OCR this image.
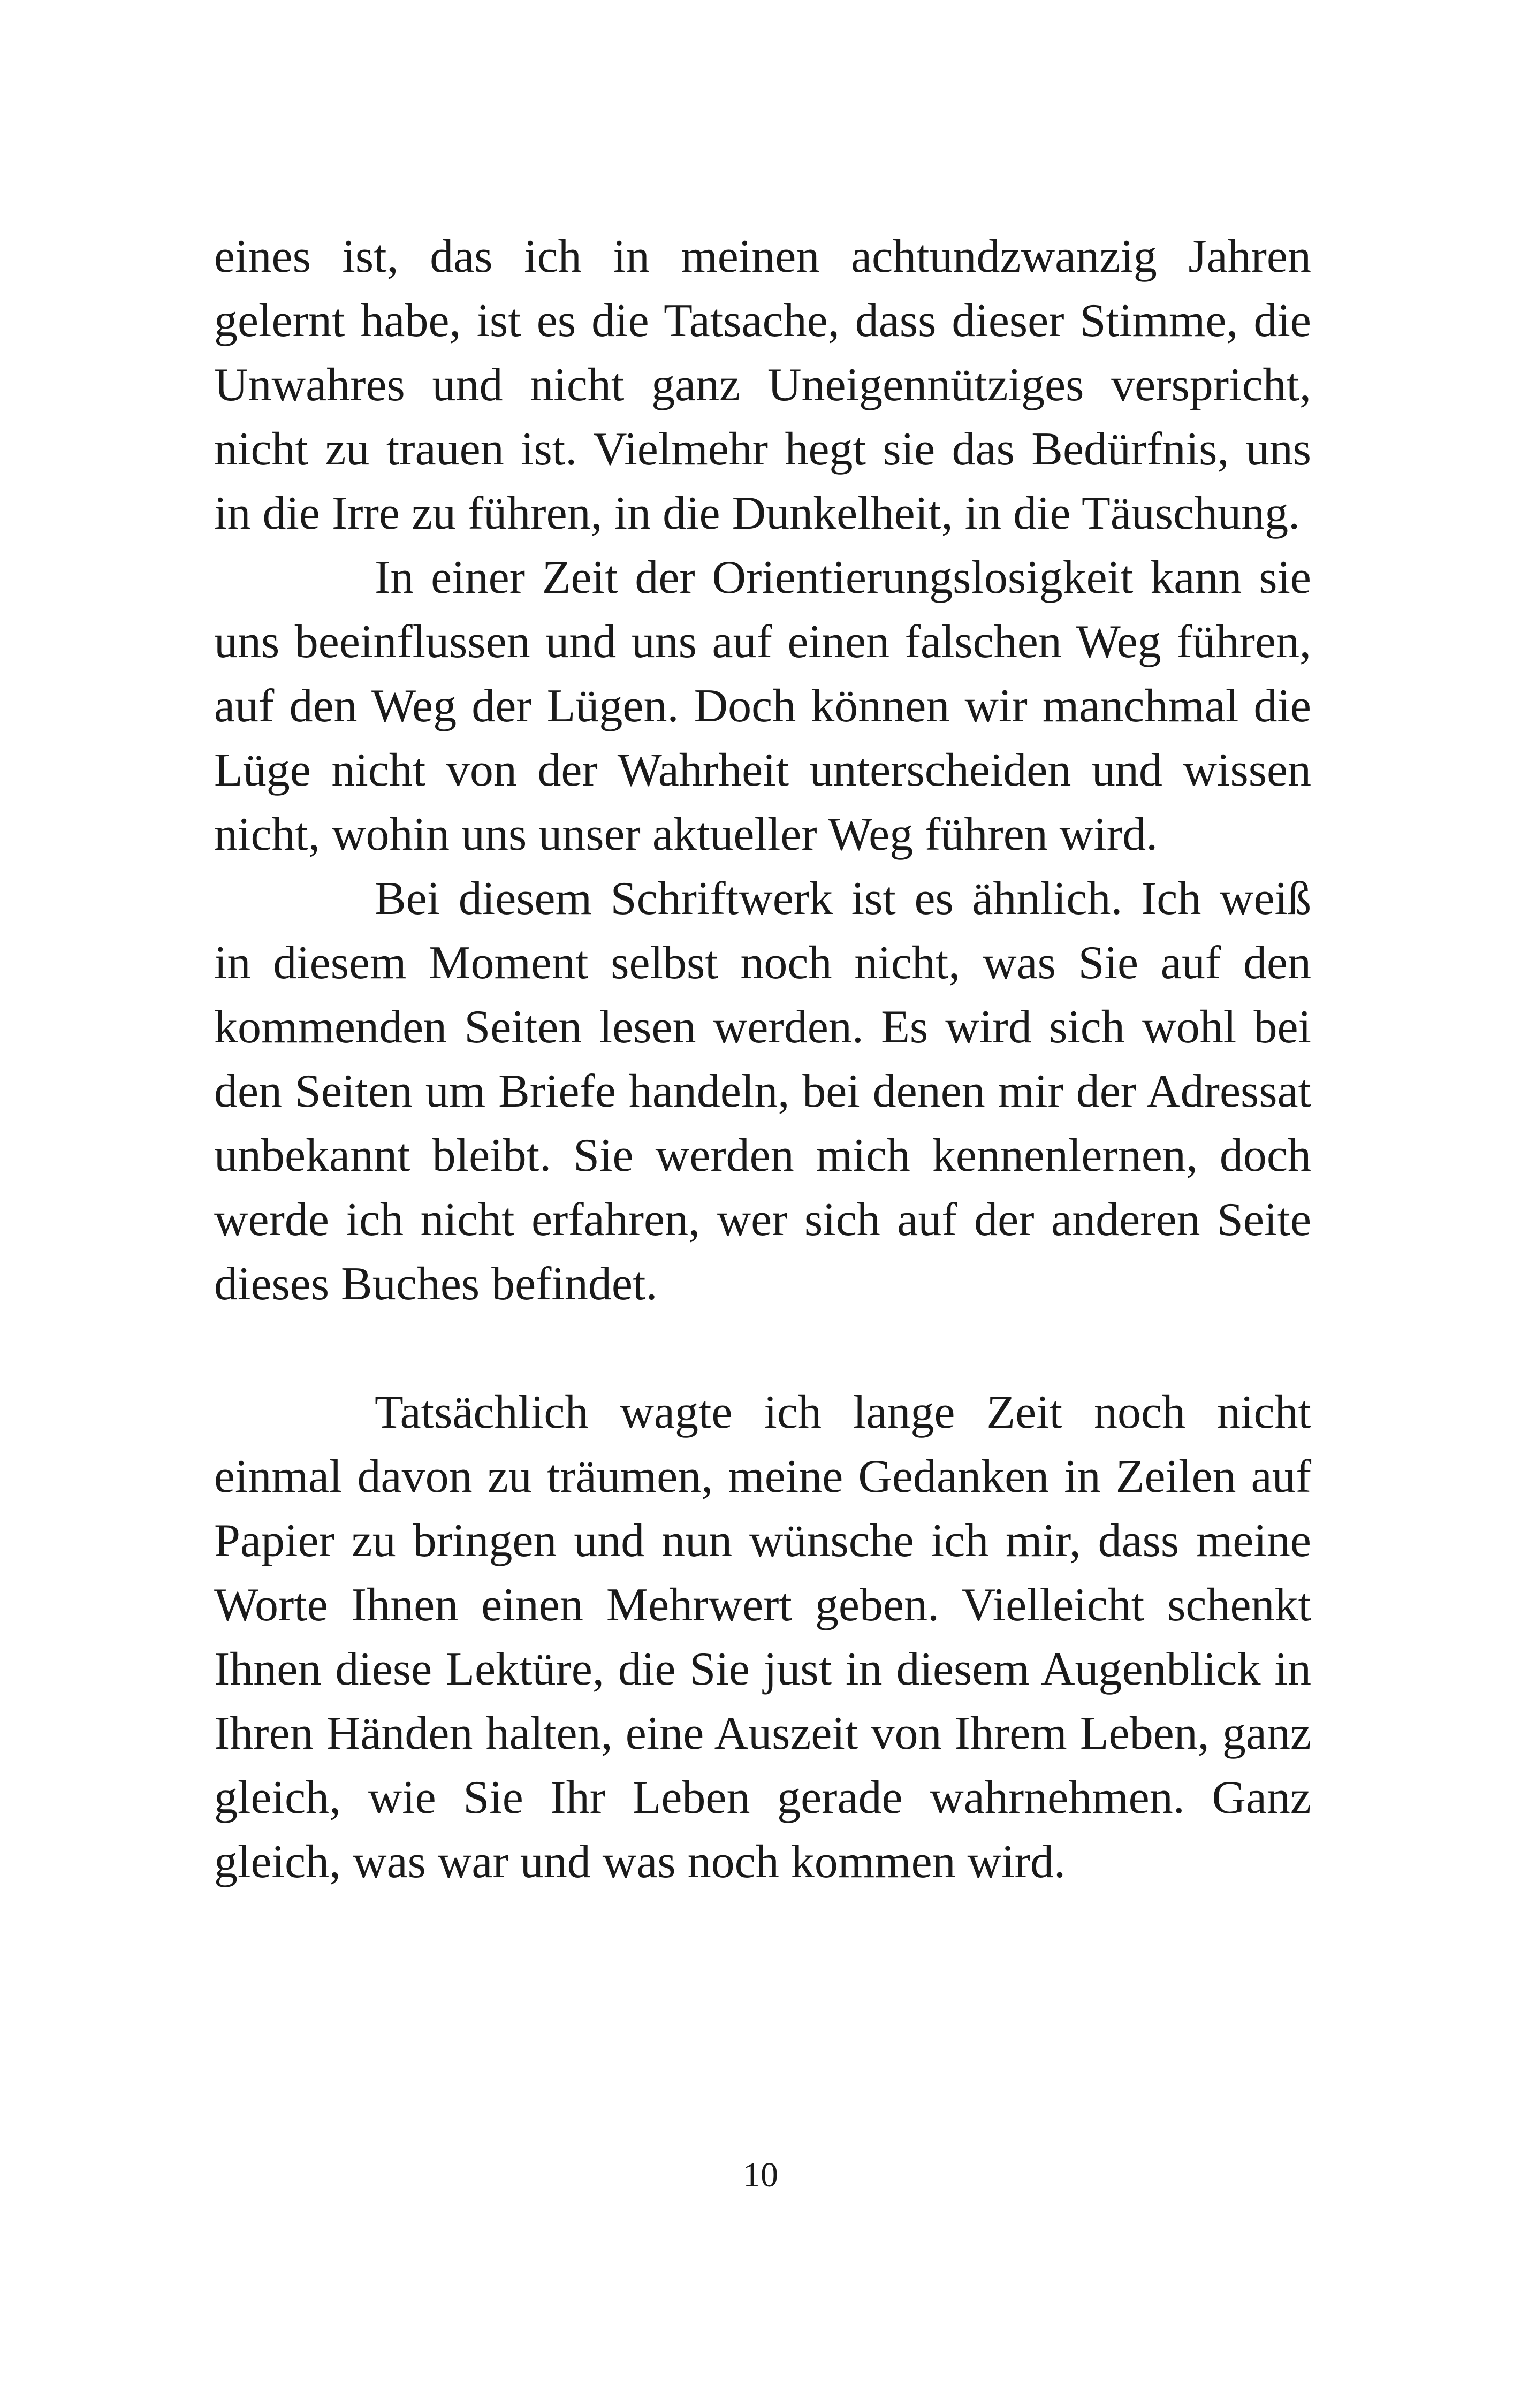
eines ist, das ich in meinen achtundzwanzig Jahren gelernt habe, ist es die Tatsache, dass dieser Stimme, die Unwahres und nicht ganz Uneigennütziges verspricht, nicht zu trauen ist. Vielmehr hegt sie das Bedürfnis, uns in die Irre zu führen, in die Dunkelheit, in die Täuschung.

In einer Zeit der Orientierungslosigkeit kann sie uns beeinflussen und uns auf einen falschen Weg führen, auf den Weg der Lügen. Doch können wir manchmal die Lüge nicht von der Wahrheit unterscheiden und wissen nicht, wohin uns unser aktueller Weg führen wird.

Bei diesem Schriftwerk ist es ähnlich. Ich weiß in diesem Moment selbst noch nicht, was Sie auf den kommenden Seiten lesen werden. Es wird sich wohl bei den Seiten um Briefe handeln, bei denen mir der Adressat unbekannt bleibt. Sie werden mich kennenlernen, doch werde ich nicht erfahren, wer sich auf der anderen Seite dieses Buches befindet.

Tatsächlich wagte ich lange Zeit noch nicht einmal davon zu träumen, meine Gedanken in Zeilen auf Papier zu bringen und nun wünsche ich mir, dass meine Worte Ihnen einen Mehrwert geben. Vielleicht schenkt Ihnen diese Lektüre, die Sie just in diesem Augenblick in Ihren Händen halten, eine Auszeit von Ihrem Leben, ganz gleich, wie Sie Ihr Leben gerade wahrnehmen. Ganz gleich, was war und was noch kommen wird.

10
